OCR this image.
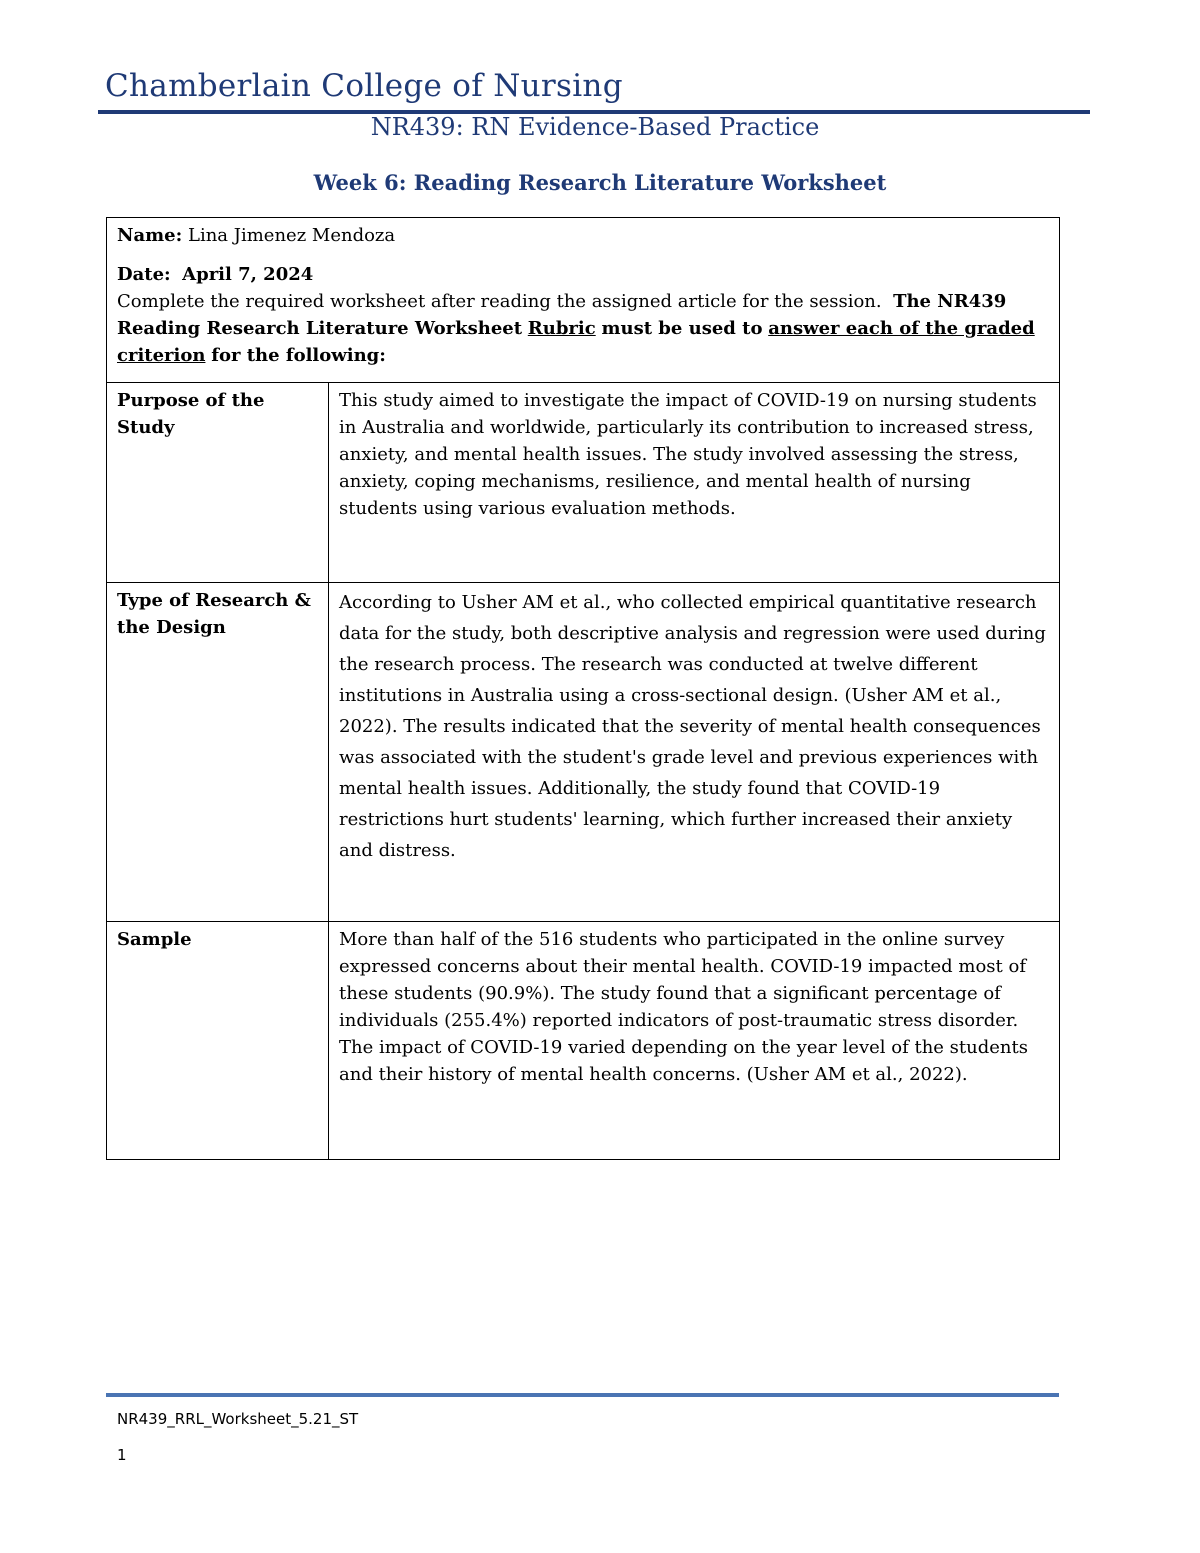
Chamberlain College of Nursing
NR439: RN Evidence-Based Practice
Week 6: Reading Research Literature Worksheet

Name: Lina Jimenez Mendoza

Date: April 7, 2024

Complete the required worksheet after reading the assigned article for the session. The NR439 Reading Research Literature Worksheet Rubric must be used to answer each of the graded criterion for the following:	

Purpose of the Study	This study aimed to investigate the impact of COVID-19 on nursing students in Australia and worldwide, particularly its contribution to increased stress, anxiety, and mental health issues. The study involved assessing the stress, anxiety, coping mechanisms, resilience, and mental health of nursing students using various evaluation methods.
Type of Research & the Design	According to Usher AM et al., who collected empirical quantitative research data for the study, both descriptive analysis and regression were used during the research process. The research was conducted at twelve different institutions in Australia using a cross-sectional design. (Usher AM et al., 2022). The results indicated that the severity of mental health consequences was associated with the student's grade level and previous experiences with mental health issues. Additionally, the study found that COVID-19 restrictions hurt students' learning, which further increased their anxiety and distress.
Sample	More than half of the 516 students who participated in the online survey expressed concerns about their mental health. COVID-19 impacted most of these students (90.9%). The study found that a significant percentage of individuals (255.4%) reported indicators of post-traumatic stress disorder. The impact of COVID-19 varied depending on the year level of the students and their history of mental health concerns. (Usher AM et al., 2022).
NR439_RRL_Worksheet_5.21_ST
1
